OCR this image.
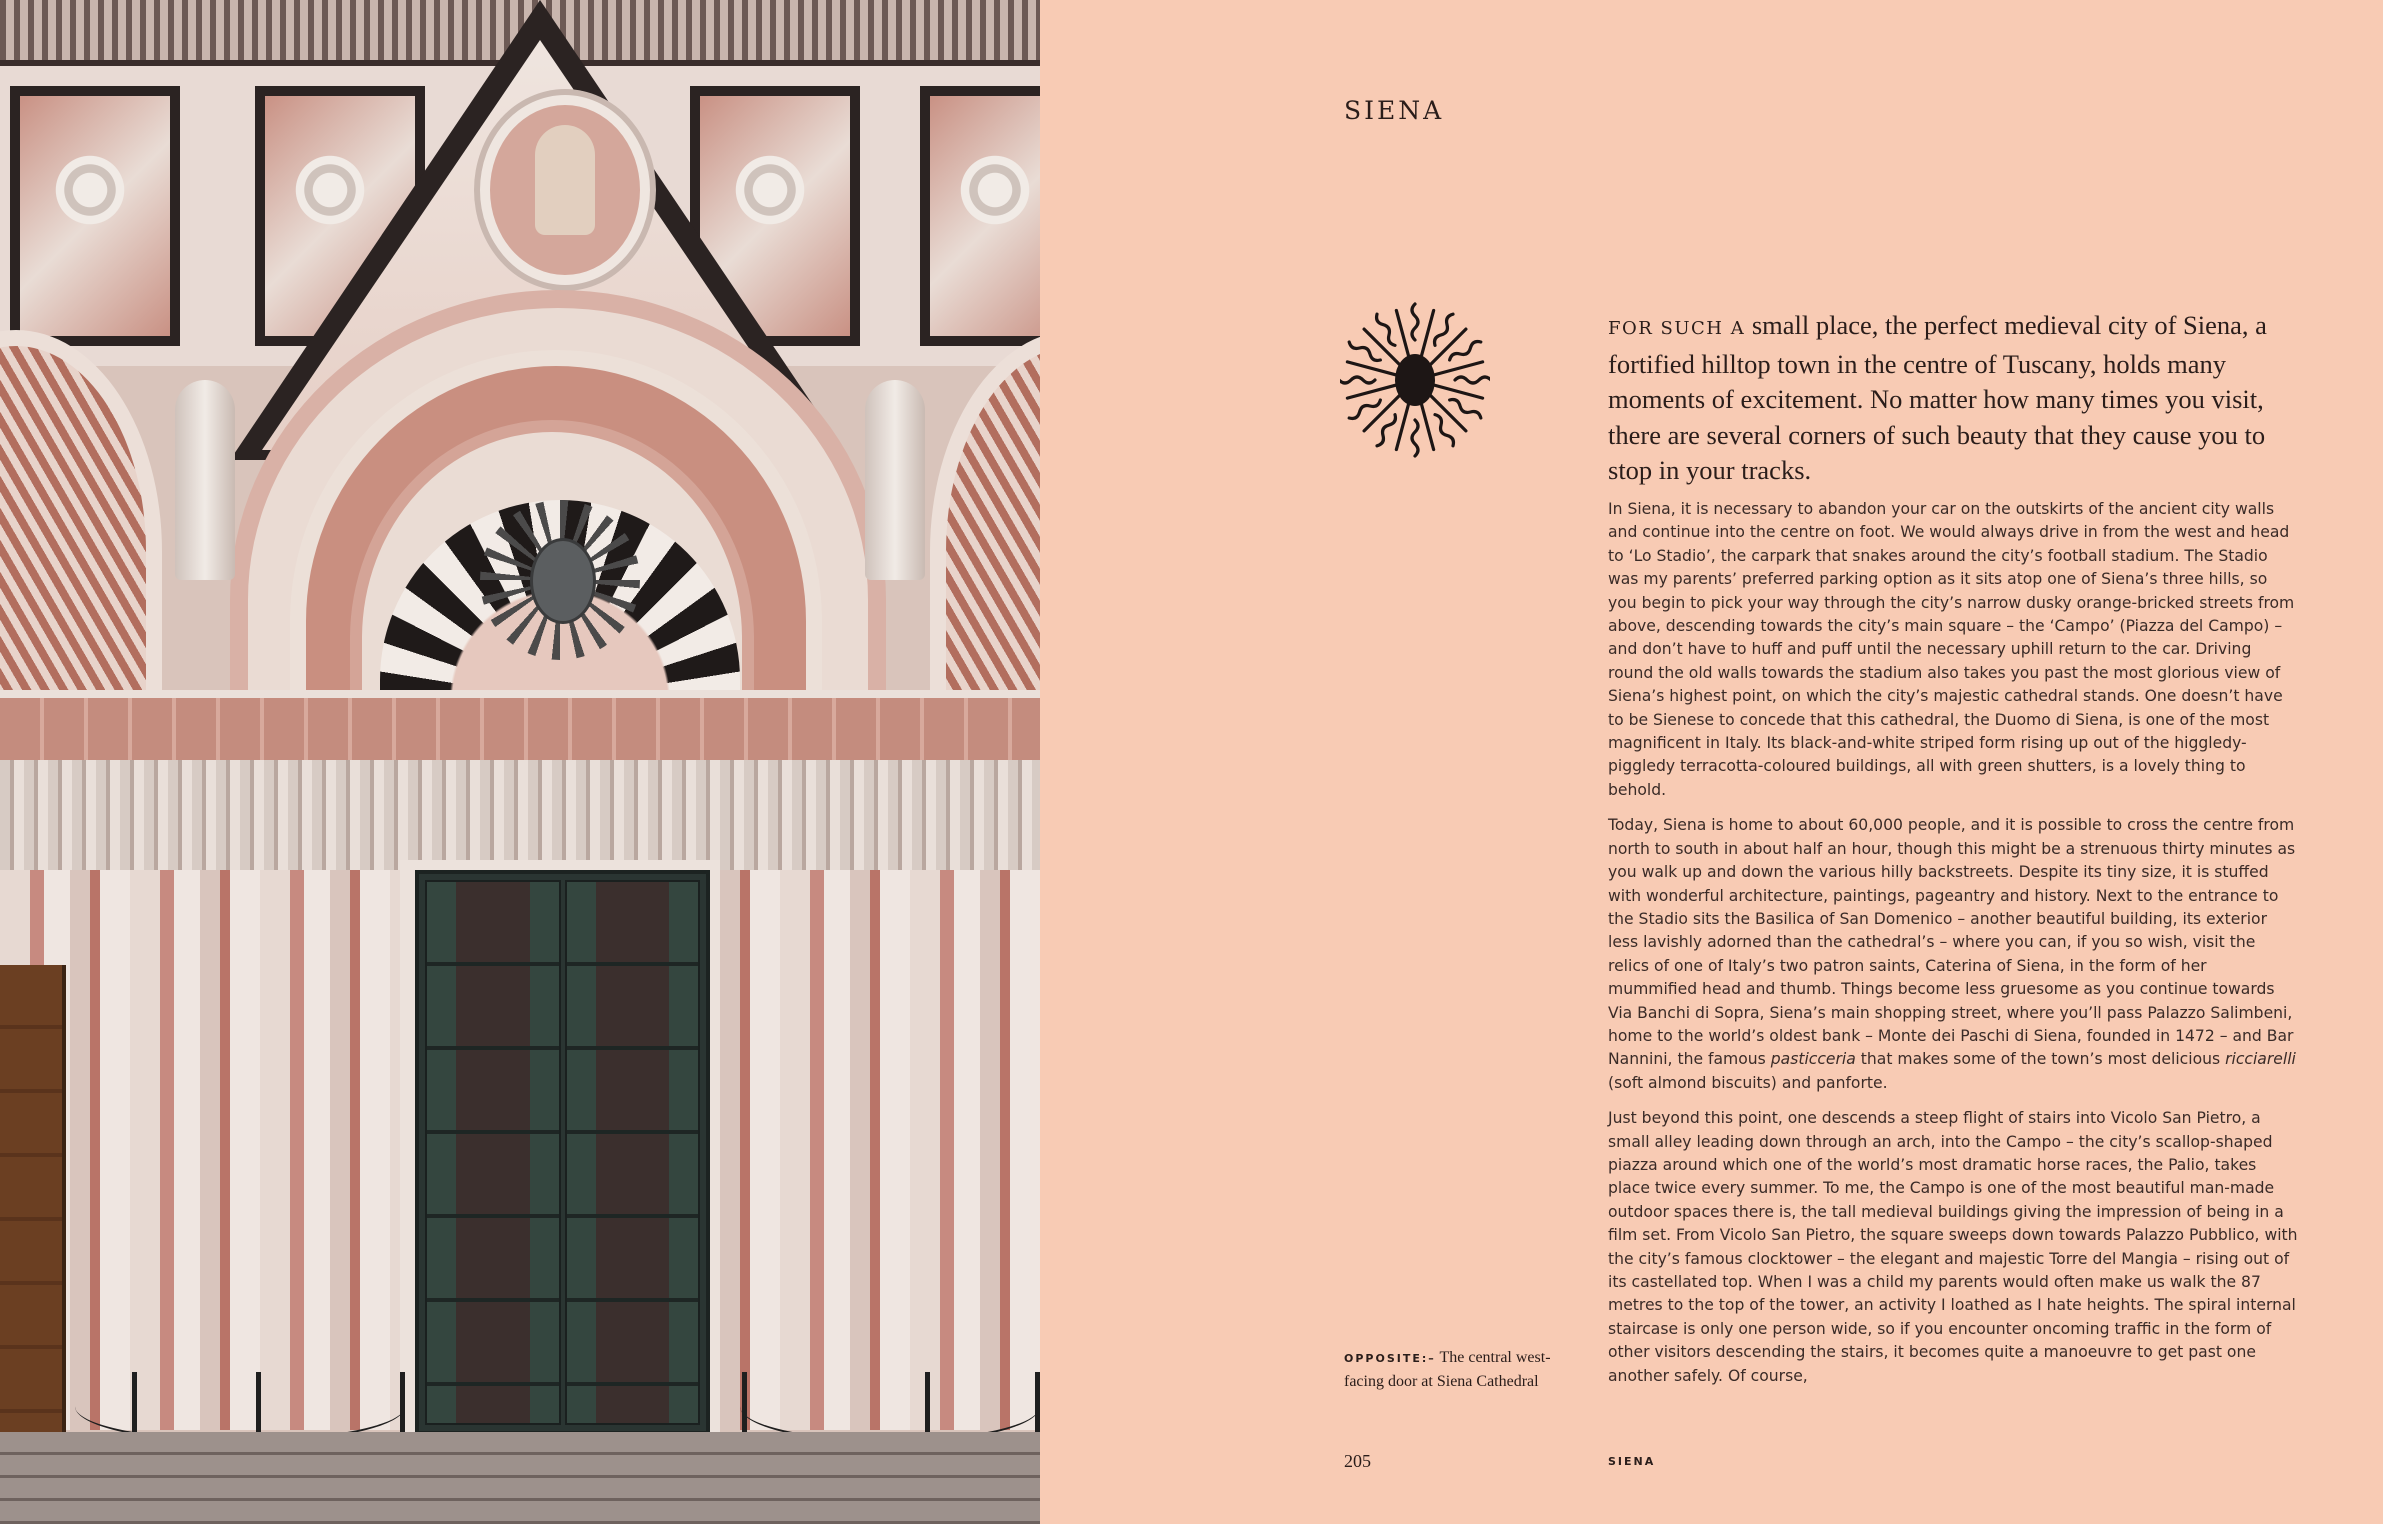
SIENA
FOR SUCH A small place, the perfect medieval city of Siena, a fortified hilltop town in the centre of Tuscany, holds many moments of excitement. No matter how many times you visit, there are several corners of such beauty that they cause you to stop in your tracks.

In Siena, it is necessary to abandon your car on the outskirts of the ancient city walls and continue into the centre on foot. We would always drive in from the west and head to ‘Lo Stadio’, the carpark that snakes around the city’s football stadium. The Stadio was my parents’ preferred parking option as it sits atop one of Siena’s three hills, so you begin to pick your way through the city’s narrow dusky orange-bricked streets from above, descending towards the city’s main square – the ‘Campo’ (Piazza del Campo) – and don’t have to huff and puff until the necessary uphill return to the car. Driving round the old walls towards the stadium also takes you past the most glorious view of Siena’s highest point, on which the city’s majestic cathedral stands. One doesn’t have to be Sienese to concede that this cathedral, the Duomo di Siena, is one of the most magnificent in Italy. Its black-and-white striped form rising up out of the higgledy-piggledy terracotta-coloured buildings, all with green shutters, is a lovely thing to behold.

Today, Siena is home to about 60,000 people, and it is possible to cross the centre from north to south in about half an hour, though this might be a strenuous thirty minutes as you walk up and down the various hilly backstreets. Despite its tiny size, it is stuffed with wonderful architecture, paintings, pageantry and history. Next to the entrance to the Stadio sits the Basilica of San Domenico – another beautiful building, its exterior less lavishly adorned than the cathedral’s – where you can, if you so wish, visit the relics of one of Italy’s two patron saints, Caterina of Siena, in the form of her mummified head and thumb. Things become less gruesome as you continue towards Via Banchi di Sopra, Siena’s main shopping street, where you’ll pass Palazzo Salimbeni, home to the world’s oldest bank – Monte dei Paschi di Siena, founded in 1472 – and Bar Nannini, the famous pasticceria that makes some of the town’s most delicious ricciarelli (soft almond biscuits) and panforte.

Just beyond this point, one descends a steep flight of stairs into Vicolo San Pietro, a small alley leading down through an arch, into the Campo – the city’s scallop-shaped piazza around which one of the world’s most dramatic horse races, the Palio, takes place twice every summer. To me, the Campo is one of the most beautiful man-made outdoor spaces there is, the tall medieval buildings giving the impression of being in a film set. From Vicolo San Pietro, the square sweeps down towards Palazzo Pubblico, with the city’s famous clocktower – the elegant and majestic Torre del Mangia – rising out of its castellated top. When I was a child my parents would often make us walk the 87 metres to the top of the tower, an activity I loathed as I hate heights. The spiral internal staircase is only one person wide, so if you encounter oncoming traffic in the form of other visitors descending the stairs, it becomes quite a manoeuvre to get past one another safely. Of course,

OPPOSITE:– The central west-facing door at Siena Cathedral
205	SIENA
